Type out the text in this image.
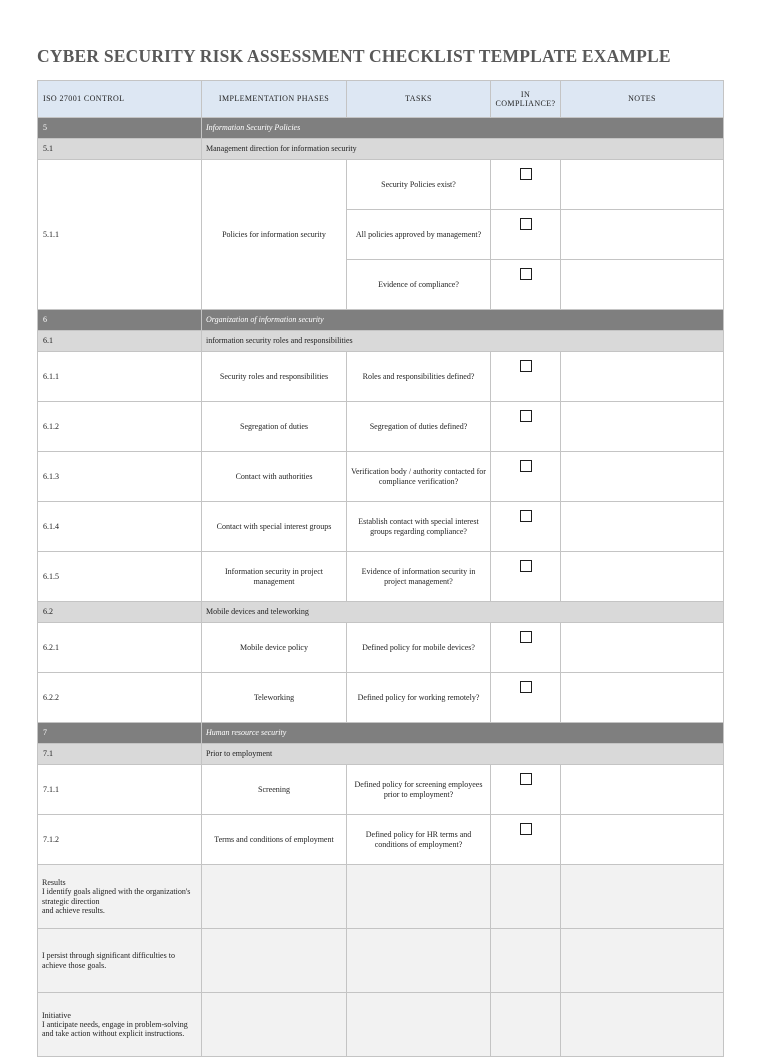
CYBER SECURITY RISK ASSESSMENT CHECKLIST TEMPLATE EXAMPLE
ISO 27001 CONTROL	IMPLEMENTATION PHASES	TASKS	IN COMPLIANCE?	NOTES
5	Information Security Policies			
5.1	Management direction for information security			
5.1.1	Policies for information security	Security Policies exist?		
		All policies approved by management?		
		Evidence of compliance?		
6	Organization of information security			
6.1	information security roles and responsibilities			
6.1.1	Security roles and responsibilities	Roles and responsibilities defined?		
6.1.2	Segregation of duties	Segregation of duties defined?		
6.1.3	Contact with authorities	Verification body / authority contacted for compliance verification?		
6.1.4	Contact with special interest groups	Establish contact with special interest groups regarding compliance?		
6.1.5	Information security in project management	Evidence of information security in project management?		
6.2	Mobile devices and teleworking			
6.2.1	Mobile device policy	Defined policy for mobile devices?		
6.2.2	Teleworking	Defined policy for working remotely?		
7	Human resource security			
7.1	Prior to employment			
7.1.1	Screening	Defined policy for screening employees prior to employment?		
7.1.2	Terms and conditions of employment	Defined policy for HR terms and conditions of employment?		

Results
I identify goals aligned with the organization's strategic direction
and achieve results.				

I persist through significant difficulties to achieve those goals.				

Initiative
I anticipate needs, engage in problem-solving
and take action without explicit instructions.				
